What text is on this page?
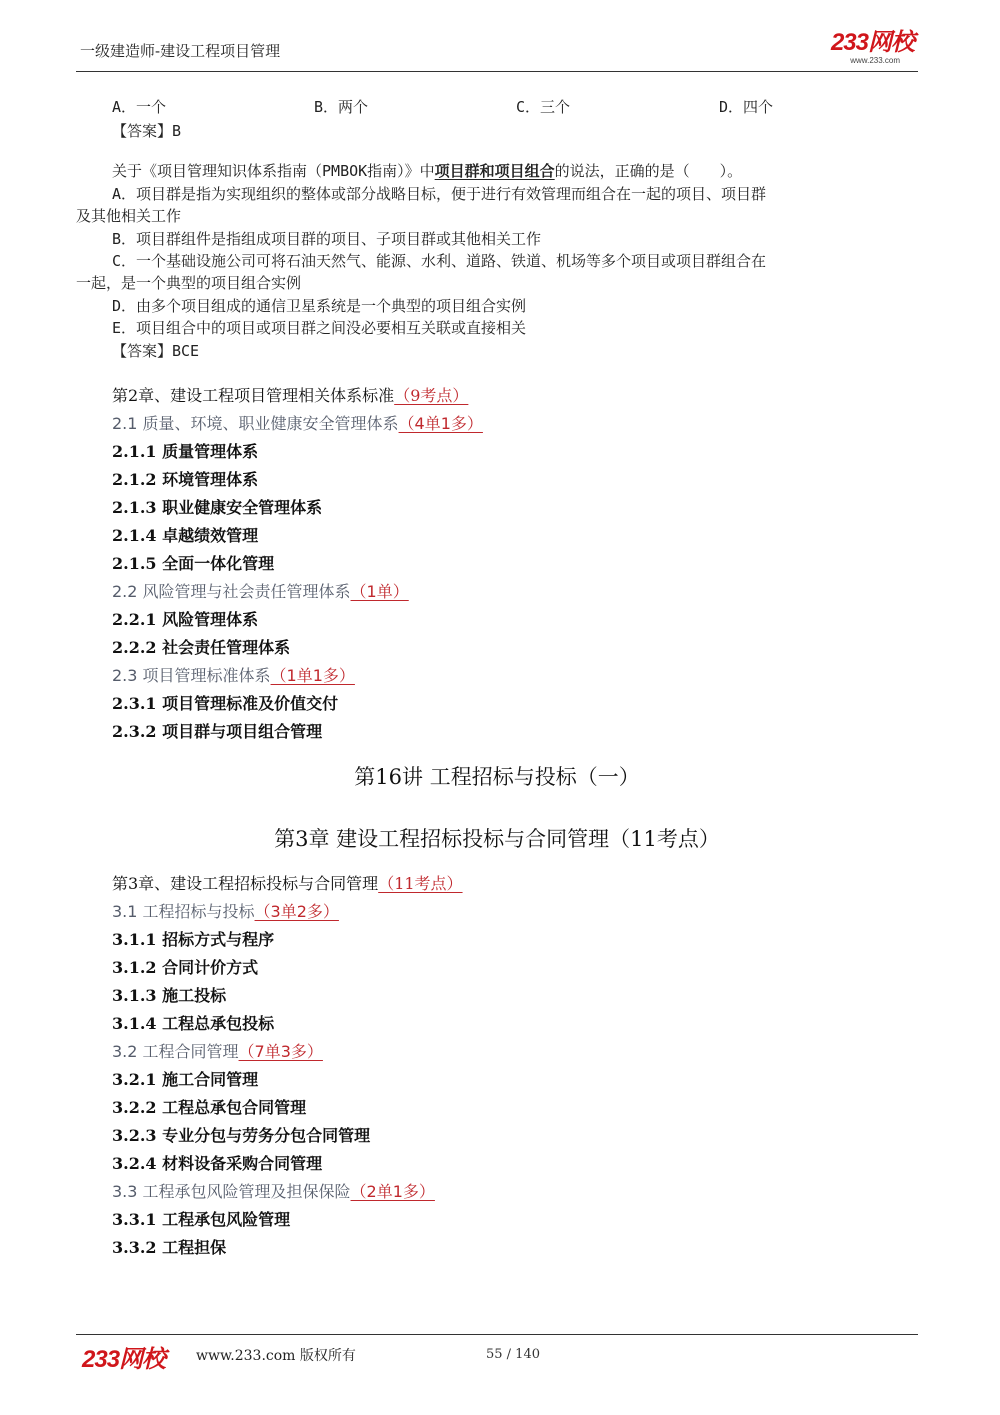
一级建造师-建设工程项目管理	233网校
www.233.com
A．一个	B．两个	C．三个	D．四个
【答案】B
关于《项目管理知识体系指南（PMBOK指南）》中项目群和项目组合的说法，正确的是（　　）。
A．项目群是指为实现组织的整体或部分战略目标，便于进行有效管理而组合在一起的项目、项目群
及其他相关工作
B．项目群组件是指组成项目群的项目、子项目群或其他相关工作
C．一个基础设施公司可将石油天然气、能源、水利、道路、铁道、机场等多个项目或项目群组合在
一起，是一个典型的项目组合实例
D．由多个项目组成的通信卫星系统是一个典型的项目组合实例
E．项目组合中的项目或项目群之间没必要相互关联或直接相关
【答案】BCE
第2章、建设工程项目管理相关体系标准（9考点）
2.1 质量、环境、职业健康安全管理体系（4单1多）
2.1.1 质量管理体系
2.1.2 环境管理体系
2.1.3 职业健康安全管理体系
2.1.4 卓越绩效管理
2.1.5 全面一体化管理
2.2 风险管理与社会责任管理体系（1单）
2.2.1 风险管理体系
2.2.2 社会责任管理体系
2.3 项目管理标准体系（1单1多）
2.3.1 项目管理标准及价值交付
2.3.2 项目群与项目组合管理
第16讲 工程招标与投标（一）
第3章 建设工程招标投标与合同管理（11考点）
第3章、建设工程招标投标与合同管理（11考点）
3.1 工程招标与投标（3单2多）
3.1.1 招标方式与程序
3.1.2 合同计价方式
3.1.3 施工投标
3.1.4 工程总承包投标
3.2 工程合同管理（7单3多）
3.2.1 施工合同管理
3.2.2 工程总承包合同管理
3.2.3 专业分包与劳务分包合同管理
3.2.4 材料设备采购合同管理
3.3 工程承包风险管理及担保保险（2单1多）
3.3.1 工程承包风险管理
3.3.2 工程担保
233网校 www.233.com 版权所有	55 / 140
